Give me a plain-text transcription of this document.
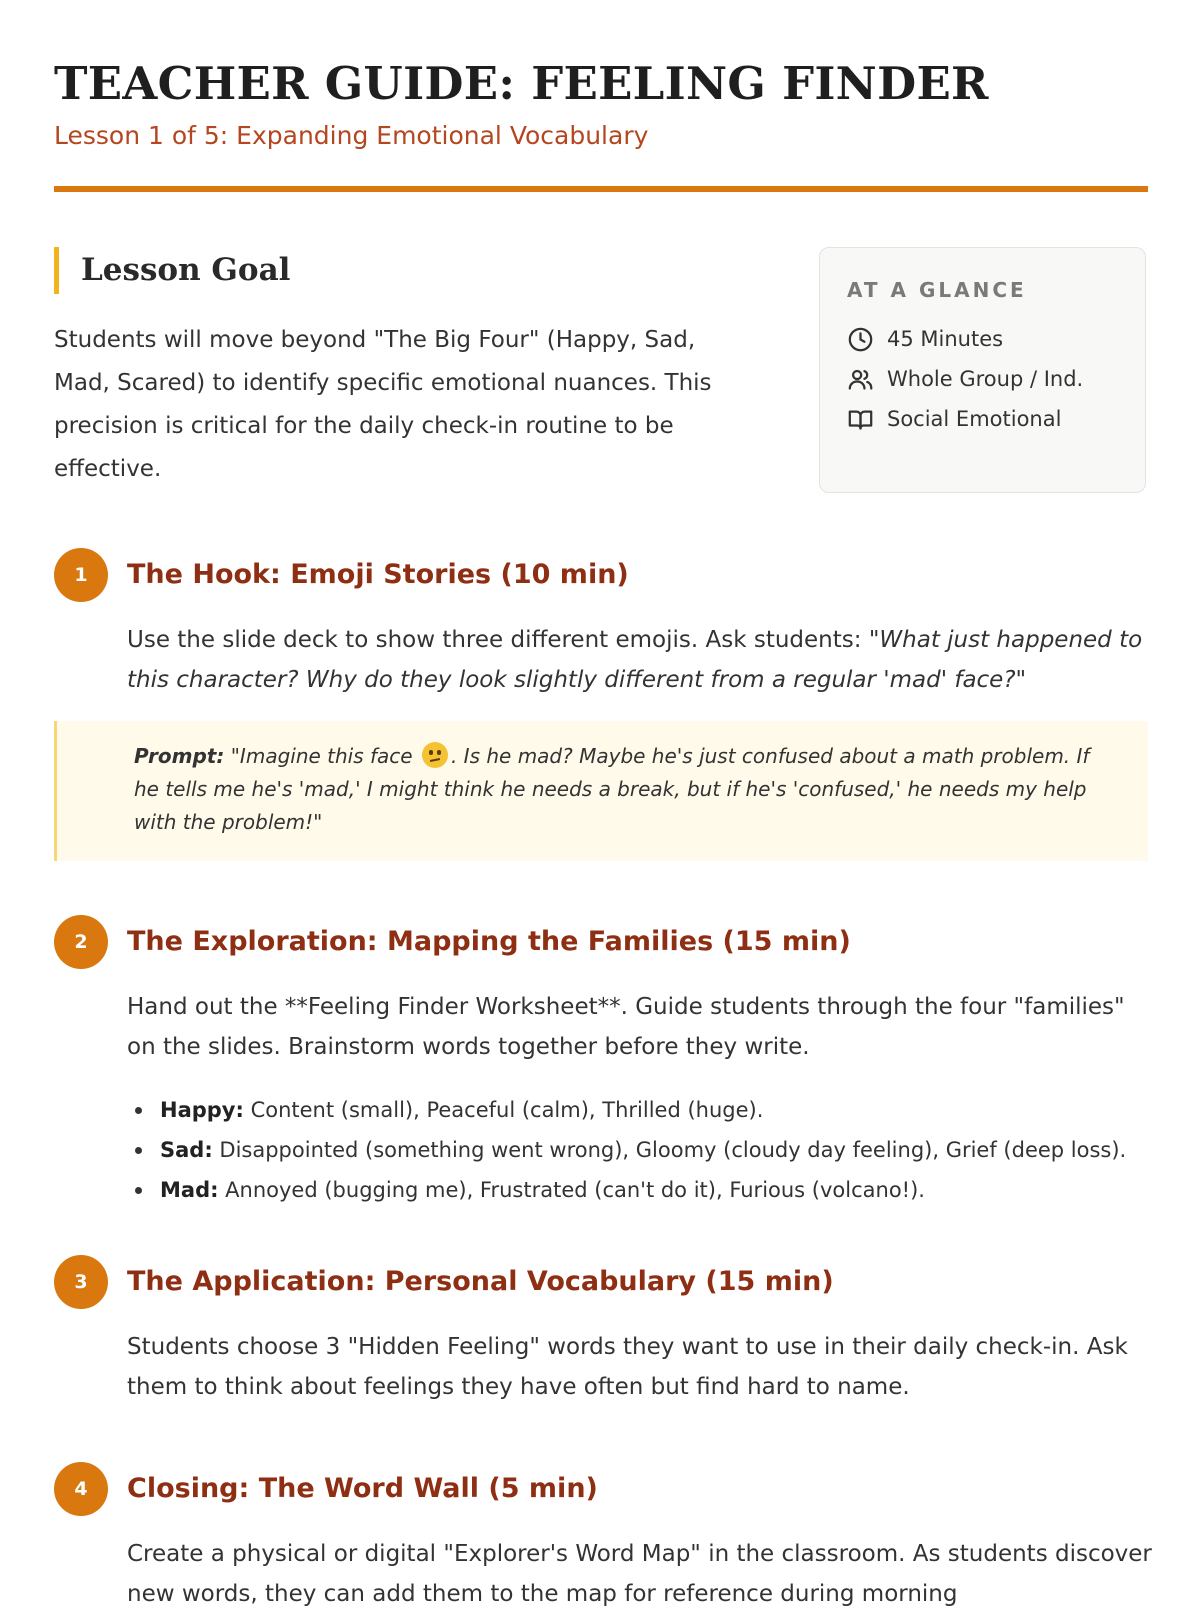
TEACHER GUIDE: FEELING FINDER

Lesson 1 of 5: Expanding Emotional Vocabulary

Lesson Goal

Students will move beyond "The Big Four" (Happy, Sad, Mad, Scared) to identify specific emotional nuances. This precision is critical for the daily check-in routine to be effective.

AT A GLANCE
45 Minutes
Whole Group / Ind.
Social Emotional
1	The Hook: Emoji Stories (10 min)

Use the slide deck to show three different emojis. Ask students: "What just happened to this character? Why do they look slightly different from a regular 'mad' face?"

Prompt: "Imagine this face
. Is he mad? Maybe he's just confused about a math problem. If he tells me he's 'mad,' I might think he needs a break, but if he's 'confused,' he needs my help with the problem!"
2	The Exploration: Mapping the Families (15 min)

Hand out the **Feeling Finder Worksheet**. Guide students through the four "families" on the slides. Brainstorm words together before they write.

Happy: Content (small), Peaceful (calm), Thrilled (huge).
Sad: Disappointed (something went wrong), Gloomy (cloudy day feeling), Grief (deep loss).
Mad: Annoyed (bugging me), Frustrated (can't do it), Furious (volcano!).
3	The Application: Personal Vocabulary (15 min)

Students choose 3 "Hidden Feeling" words they want to use in their daily check-in. Ask them to think about feelings they have often but find hard to name.

4	Closing: The Word Wall (5 min)

Create a physical or digital "Explorer's Word Map" in the classroom. As students discover new words, they can add them to the map for reference during morning
